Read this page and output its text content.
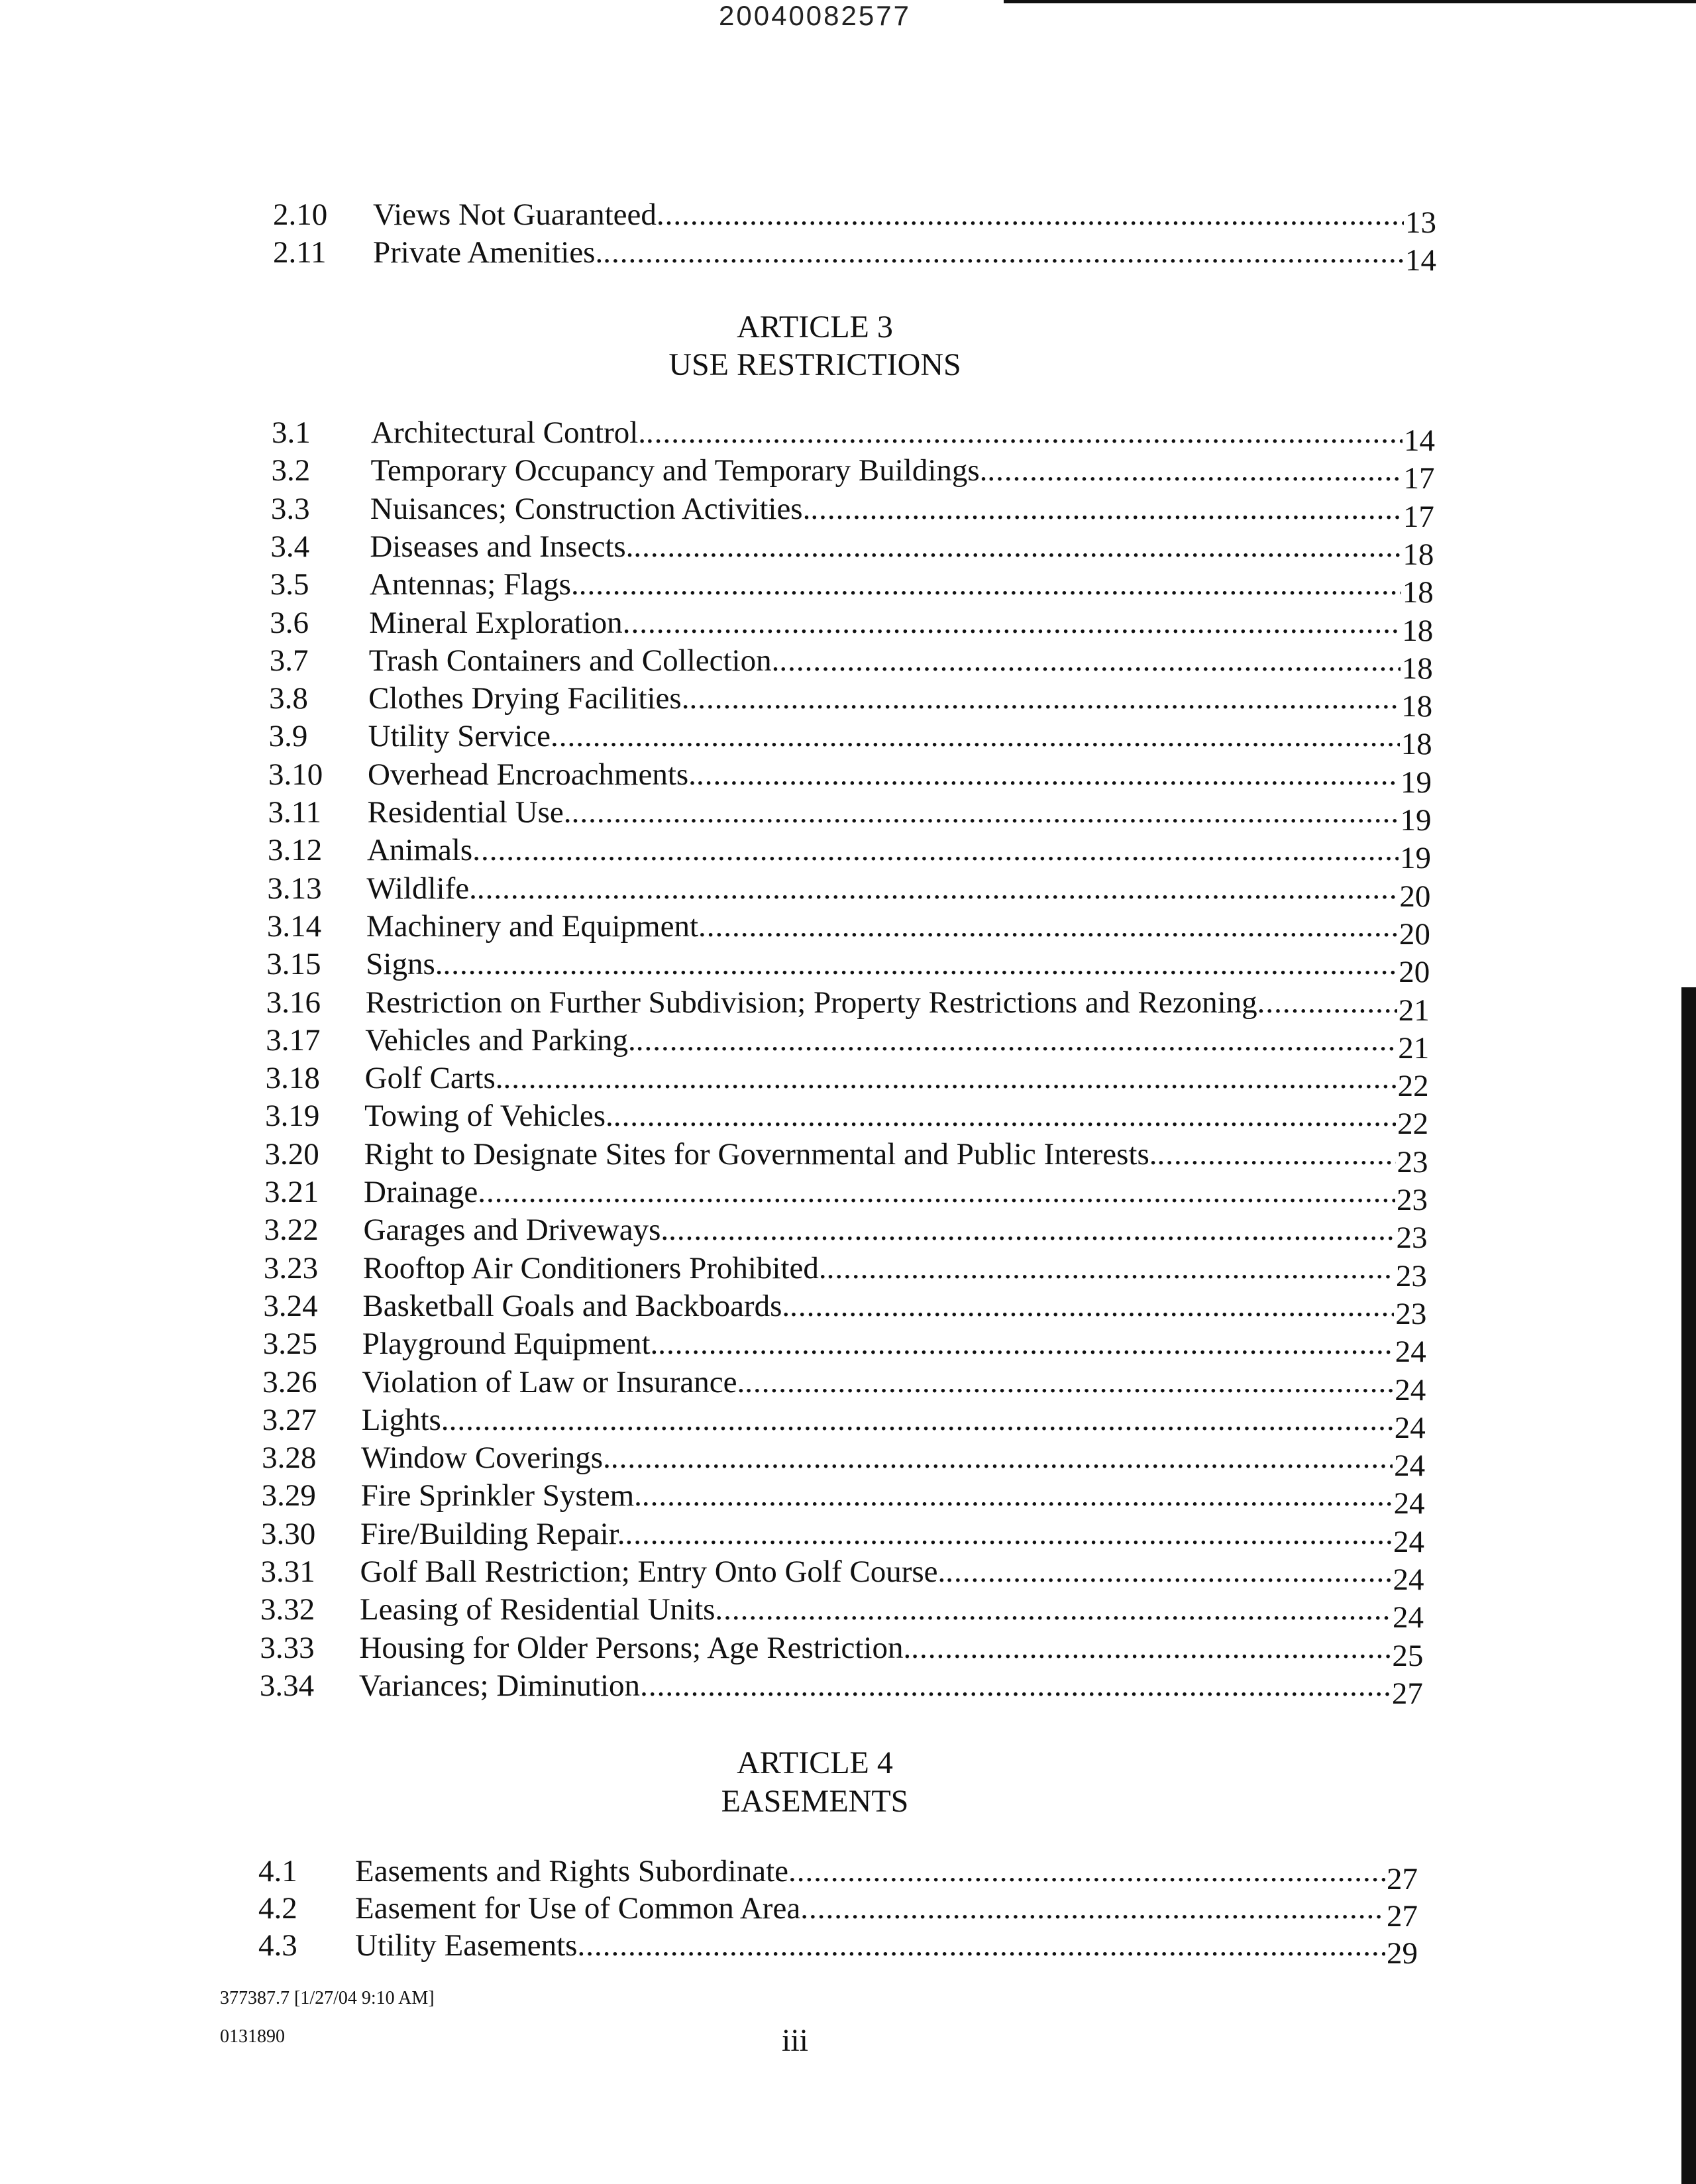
20040082577
2.10 Views Not Guaranteed .....	13
2.11 Private Amenities. .....	14
ARTICLE 3
USE RESTRICTIONS
3.1 Architectural Control. .....	14
3.2 Temporary Occupancy and Temporary Buildings. .....	17
3.3 Nuisances; Construction Activities. .....	17
3.4 Diseases and Insects. .....	18
3.5 Antennas; Flags. .....	18
3.6 Mineral Exploration .....	18
3.7 Trash Containers and Collection. .....	18
3.8 Clothes Drying Facilities. .....	18
3.9 Utility Service .....	18
3.10 Overhead Encroachments. .....	19
3.11 Residential Use. .....	19
3.12 Animals .....	19
3.13 Wildlife. .....	20
3.14 Machinery and Equipment .....	20
3.15 Signs. .....	20
3.16 Restriction on Further Subdivision; Property Restrictions and Rezoning .....	21
3.17 Vehicles and Parking. .....	21
3.18 Golf Carts. .....	22
3.19 Towing of Vehicles. .....	22
3.20 Right to Designate Sites for Governmental and Public Interests. .....	23
3.21 Drainage .....	23
3.22 Garages and Driveways. .....	23
3.23 Rooftop Air Conditioners Prohibited. .....	23
3.24 Basketball Goals and Backboards. .....	23
3.25 Playground Equipment. .....	24
3.26 Violation of Law or Insurance. .....	24
3.27 Lights. .....	24
3.28 Window Coverings. .....	24
3.29 Fire Sprinkler System. .....	24
3.30 Fire/Building Repair. .....	24
3.31 Golf Ball Restriction; Entry Onto Golf Course. .....	24
3.32 Leasing of Residential Units .....	24
3.33 Housing for Older Persons; Age Restriction. .....	25
3.34 Variances; Diminution .....	27
ARTICLE 4
EASEMENTS
4.1 Easements and Rights Subordinate .....	27
4.2 Easement for Use of Common Area .....	27
4.3 Utility Easements .....	29
377387.7 [1/27/04 9:10 AM]
0131890	iii
